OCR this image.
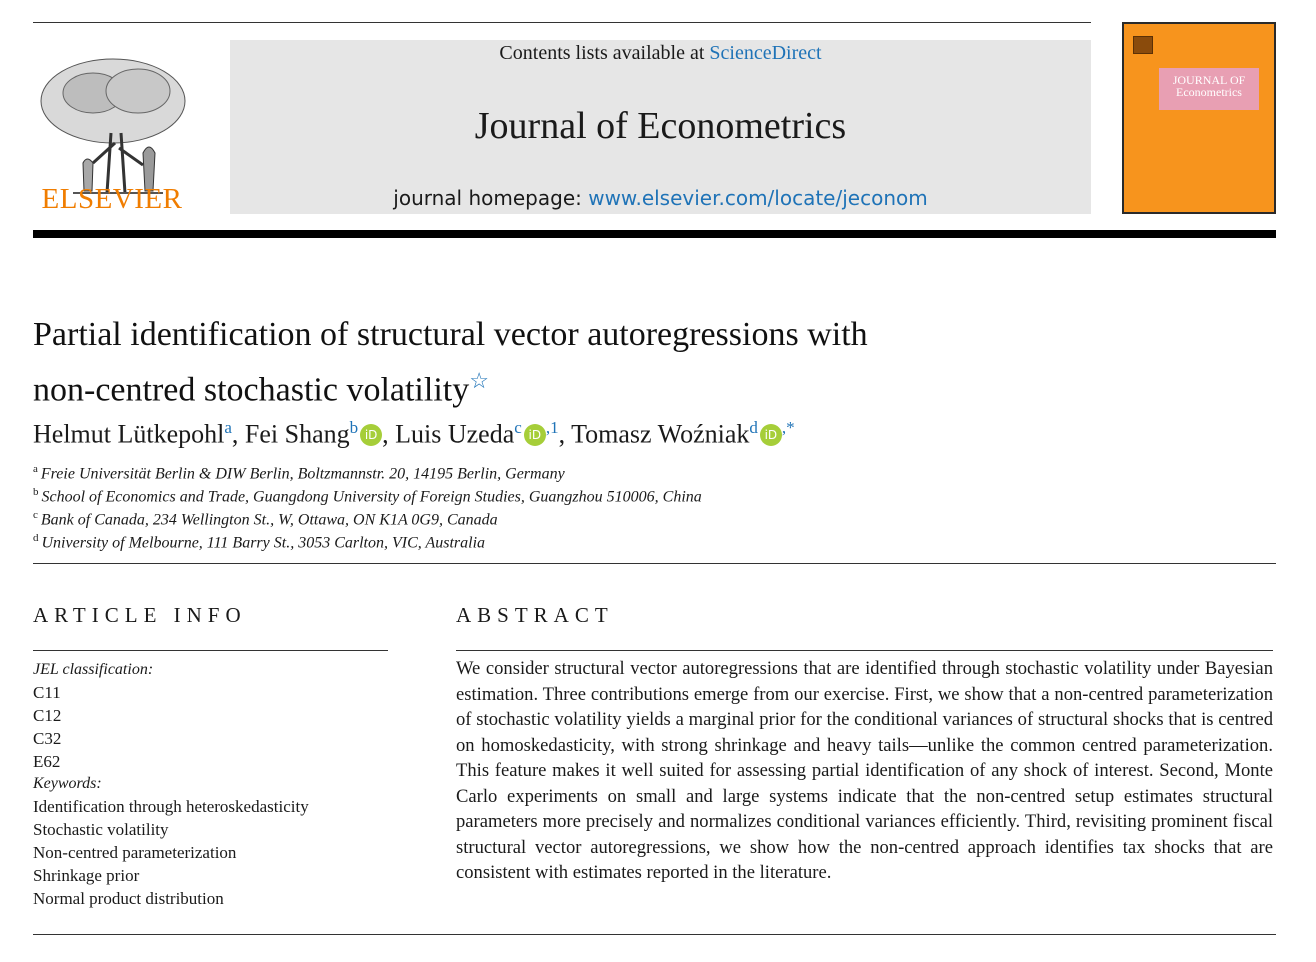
ELSEVIER
Contents lists available at ScienceDirect
Journal of Econometrics
journal homepage: www.elsevier.com/locate/jeconom
JOURNAL OF
Econometrics
Partial identification of structural vector autoregressions with
non-centred stochastic volatility☆
Helmut Lütkepohl$^a$, Fei Shang$^b$ iD , Luis Uzeda$^c$ iD $^{,1}$, Tomasz Woźniak$^d$ iD ,*
$^a$ Freie Universität Berlin & DIW Berlin, Boltzmannstr. 20, 14195 Berlin, Germany
$^b$ School of Economics and Trade, Guangdong University of Foreign Studies, Guangzhou 510006, China
$^c$ Bank of Canada, 234 Wellington St., W, Ottawa, ON K1A 0G9, Canada
$^d$ University of Melbourne, 111 Barry St., 3053 Carlton, VIC, Australia
ARTICLE INFO	ABSTRACT
JEL classification:
C11
C12
C32
E62
Keywords:
Identification through heteroskedasticity
Stochastic volatility
Non-centred parameterization
Shrinkage prior
Normal product distribution
We consider structural vector autoregressions that are identified through stochastic volatility under Bayesian estimation. Three contributions emerge from our exercise. First, we show that a non-centred parameterization of stochastic volatility yields a marginal prior for the conditional variances of structural shocks that is centred on homoskedasticity, with strong shrinkage and heavy tails—unlike the common centred parameterization. This feature makes it well suited for assessing partial identification of any shock of interest. Second, Monte Carlo experiments on small and large systems indicate that the non-centred setup estimates structural parameters more precisely and normalizes conditional variances efficiently. Third, revisiting prominent fiscal structural vector autoregressions, we show how the non-centred approach identifies tax shocks that are consistent with estimates reported in the literature.
